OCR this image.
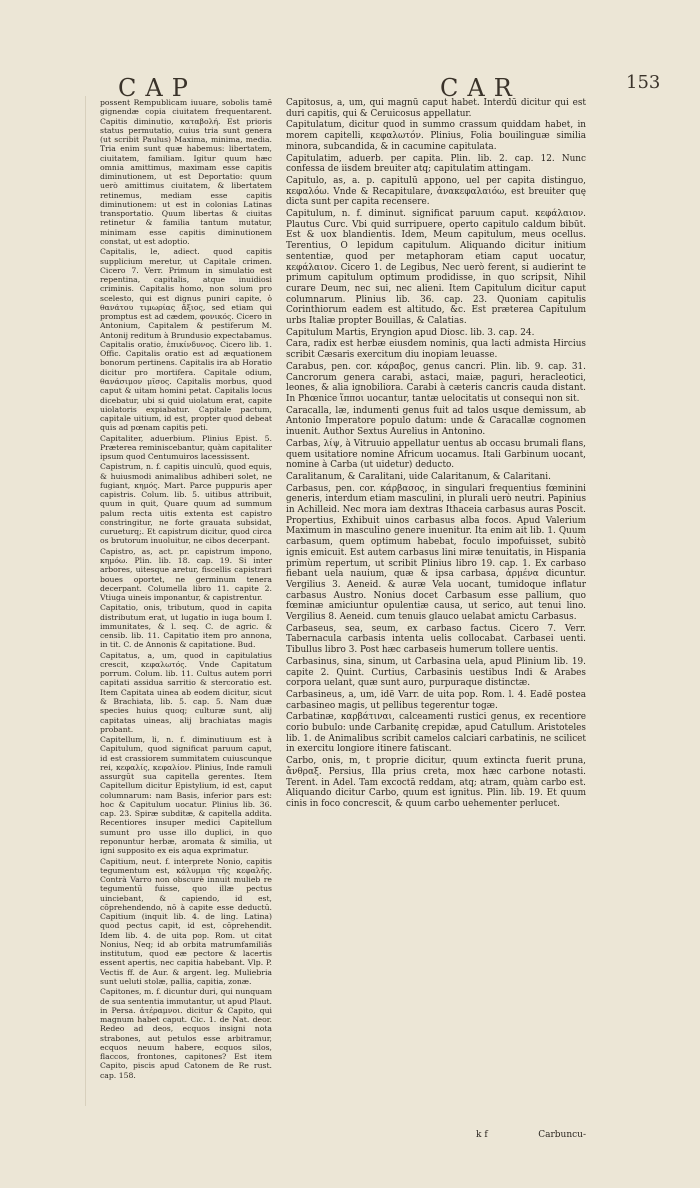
CAP	CAR	153

possent Rempublicam iuuare, sobolis tamē gignendæ copia ciuitatem frequentarent. Capitis diminutio, καταβολή. Est prioris status permutatio, cuius tria sunt genera (ut scribit Paulus) Maxima, minima, media. Tria enim sunt quæ habemus: libertatem, ciuitatem, familiam. Igitur quum hæc omnia amittimus, maximam esse capitis diminutionem, ut est Deportatio: quum uerò amittimus ciuitatem, & libertatem retinemus, mediam esse capitis diminutionem: ut est in colonias Latinas transportatio. Quum libertas & ciuitas retinetur & familia tantum mutatur, minimam esse capitis diminutionem constat, ut est adoptio.

Capitalis, le, adiect. quod capitis supplicium meretur, ut Capitale crimen. Cicero 7. Verr. Primum in simulatio est repentina, capitalis, atque inuidiosi criminis. Capitalis homo, non solum pro scelesto, qui est dignus puniri capite, ὁ θανάτου τιμωρίας ἄξιος, sed etiam qui promptus est ad cædem, φονικός. Cicero in Antonium, Capitalem & pestiferum M. Antonij reditum à Brundusio expectabamus. Capitalis oratio, ἐπικίνδυνος. Cicero lib. 1. Offic. Capitalis oratio est ad æquationem bonorum pertinens. Capitalis ira ab Horatio dicitur pro mortifera. Capitale odium, θανάσιμον μῖσος. Capitalis morbus, quod caput & uitam homini petat. Capitalis locus dicebatur, ubi si quid uiolatum erat, capite uiolatoris expiabatur. Capitale pactum, capitale uitium, id est, propter quod debeat quis ad pœnam capitis peti.

Capitaliter, aduerbium. Plinius Epist. 5. Præterea reminiscebantur, quàm capitaliter ipsum quod Centumuiros lacessissent.

Capistrum, n. f. capitis uinculū, quod equis, & huiusmodi animalibus adhiberi solet, ne fugiant, κημός. Mart. Parce puppuris aper capistris. Colum. lib. 5. uitibus attribuit, quum in quit, Quare quum ad summum palum recta uitis extenta est capistro constringitur, ne forte grauata subsidat, curueturq;. Et capistrum dicitur, quod circa os brutorum inuoluitur, ne cibos decerpant.

Capistro, as, act. pr. capistrum impono, κημόω. Plin. lib. 18. cap. 19. Si inter arbores, uitesque aretur, fiscellis capistrari boues oportet, ne germinum tenera decerpant. Columella libro 11. capite 2. Vtiuga uineis imponantur, & capistrentur.

Capitatio, onis, tributum, quod in capita distributum erat, ut lugatio in iuga boum I. immunitates, & l. seq. C. de agric. & censib. lib. 11. Capitatio item pro annona, in tit. C. de Annonis & capitatione. Bud.

Capitatus, a, um, quod in capitulatius crescit, κεφαλωτός. Vnde Capitatum porrum. Colum. lib. 11. Cultus autem porri capitati assidua sarritio & stercoratio est. Item Capitata uinea ab eodem dicitur, sicut & Brachiata, lib. 5. cap. 5. Nam duæ species huius quoq; culturæ sunt, alij capitatas uineas, alij brachiatas magis probant.

Capitellum, li, n. f. diminutiuum est à Capitulum, quod significat paruum caput, id est crassiorem summitatem cuiuscunque rei, κεφαλίς, κεφαλίον. Plinius, Inde ramuli assurgūt sua capitella gerentes. Item Capitellum dicitur Epistylium, id est, caput columnarum: nam Basis, inferior pars est: hoc & Capitulum uocatur. Plinius lib. 36. cap. 23. Spiræ subditæ, & capitella addita. Recentiores insuper medici Capitellum sumunt pro usse illo duplici, in quo reponuntur herbæ, aromata & similia, ut igni supposito ex eis aqua exprimatur.

Capitium, neut. f. interprete Nonio, capitis tegumentum est, κάλυμμα τῆς κεφαλῆς. Contrà Varro non obscurè innuit mulieb re tegumentū fuisse, quo illæ pectus uinciebant, & capiendo, id est, cōprehendendo, nō à capite esse deductū. Capitium (inquit lib. 4. de ling. Latina) quod pectus capit, id est, cōprehendit. Idem lib. 4. de uita pop. Rom. ut citat Nonius, Neq; id ab orbita matrumfamiliâs institutum, quod eæ pectore & lacertis essent apertis, nec capitia habebant. Vlp. P. Vectis ff. de Aur. & argent. leg. Muliebria sunt ueluti stolæ, pallia, capitia, zonæ.

Capitones, m. f. dicuntur duri, qui nunquam de sua sententia immutantur, ut apud Plaut. in Persa. ἀτέραμνοι. dicitur & Capito, qui magnum habet caput. Cic. 1. de Nat. deor. Redeo ad deos, ecquos insigni nota strabones, aut petulos esse arbitramur, ecquos neuum habere, ecquos silos, flaccos, frontones, capitones? Est item Capito, piscis apud Catonem de Re rust. cap. 158.

Capitosus, a, um, qui magnū caput habet. Interdū dicitur qui est duri capitis, qui & Ceruicosus appellatur.

Capitulatum, dicitur quod in summo crassum quiddam habet, in morem capitelli, κεφαλωτόν. Plinius, Folia bouilinguæ similia minora, subcandida, & in cacumine capitulata.

Capitulatim, aduerb. per capita. Plin. lib. 2. cap. 12. Nunc confessa de iisdem breuiter atq; capitulatim attingam.

Capitulo, as, a. p. capitulū appono, uel per capita distinguo, κεφαλόω. Vnde & Recapitulare, ἀνακεφαλαιόω, est breuiter quę dicta sunt per capita recensere.

Capitulum, n. f. diminut. significat paruum caput. κεφάλαιον. Plautus Curc. Vbi quid surripuere, operto capitulo caldum bibūt. Est & uox blandientis. Idem, Meum capitulum, meus ocellus. Terentius, O lepidum capitulum. Aliquando dicitur initium sententiæ, quod per metaphoram etiam caput uocatur, κεφάλαιον. Cicero 1. de Legibus, Nec uerò ferent, si audierint te primum capitulum optimum prodidisse, in quo scripsit, Nihil curare Deum, nec sui, nec alieni. Item Capitulum dicitur caput columnarum. Plinius lib. 36. cap. 23. Quoniam capitulis Corinthiorum eadem est altitudo, &c. Est præterea Capitulum urbs Italiæ propter Bouillas, & Calatias.

Capitulum Martis, Eryngion apud Diosc. lib. 3. cap. 24.

Cara, radix est herbæ eiusdem nominis, qua lacti admista Hircius scribit Cæsaris exercitum diu inopiam leuasse.

Carabus, pen. cor. κάραβος, genus cancri. Plin. lib. 9. cap. 31. Cancrorum genera carabi, astaci, maiæ, paguri, heracleotici, leones, & alia ignobiliora. Carabi à cæteris cancris cauda distant. In Phœnice ἵπποι uocantur, tantæ uelocitatis ut consequi non sit.

Caracalla, læ, indumenti genus fuit ad talos usque demissum, ab Antonio Imperatore populo datum: unde & Caracallæ cognomen inuenit. Author Sextus Aurelius in Antonino.

Carbas, λίψ, à Vitruuio appellatur uentus ab occasu brumali flans, quem usitatiore nomine Africum uocamus. Itali Garbinum uocant, nomine à Carba (ut uidetur) deducto.

Caralitanum, & Caralitani, uide Calaritanum, & Calaritani.

Carbasus, pen. cor. κάρβασος, in singulari frequentius fœminini generis, interdum etiam masculini, in plurali uerò neutri. Papinius in Achilleid. Nec mora iam dextras Ithaceia carbasus auras Poscit. Propertius, Exhibuit uinos carbasus alba focos. Apud Valerium Maximum in masculino genere inuenitur. Ita enim ait lib. 1. Quum carbasum, quem optimum habebat, foculo impofuisset, subitò ignis emicuit. Est autem carbasus lini miræ tenuitatis, in Hispania primùm repertum, ut scribit Plinius libro 19. cap. 1. Ex carbaso fiebant uela nauium, quæ & ipsa carbasa, ἀρμένα dicuntur. Vergilius 3. Aeneid. & auræ Vela uocant, tumidoque inflatur carbasus Austro. Nonius docet Carbasum esse pallium, quo fœminæ amiciuntur opulentiæ causa, ut serico, aut tenui lino. Vergilius 8. Aeneid. cum tenuis glauco uelabat amictu Carbasus.

Carbaseus, sea, seum, ex carbaso factus. Cicero 7. Verr. Tabernacula carbasis intenta uelis collocabat. Carbasei uenti. Tibullus libro 3. Post hæc carbaseis humerum tollere uentis.

Carbasinus, sina, sinum, ut Carbasina uela, apud Plinium lib. 19. capite 2. Quint. Curtius, Carbasinis uestibus Indi & Arabes corpora uelant, quæ sunt auro, purpuraque distinctæ.

Carbasineus, a, um, idē Varr. de uita pop. Rom. l. 4. Eadē postea carbasineo magis, ut pellibus tegerentur togæ.

Carbatinæ, καρβάτιναι, calceamenti rustici genus, ex recentiore corio bubulo: unde Carbanitę crepidæ, apud Catullum. Aristoteles lib. 1. de Animalibus scribit camelos calciari carbatinis, ne scilicet in exercitu longiore itinere fatiscant.

Carbo, onis, m, t proprie dicitur, quum extincta fuerit pruna, ἄνθραξ. Persius, Illa prius creta, mox hæc carbone notasti. Terent. in Adel. Tam excoctā reddam, atq; atram, quàm carbo est. Aliquando dicitur Carbo, quum est ignitus. Plin. lib. 19. Et quum cinis in foco concrescit, & quum carbo uehementer perlucet.

k f	Carbuncu-
